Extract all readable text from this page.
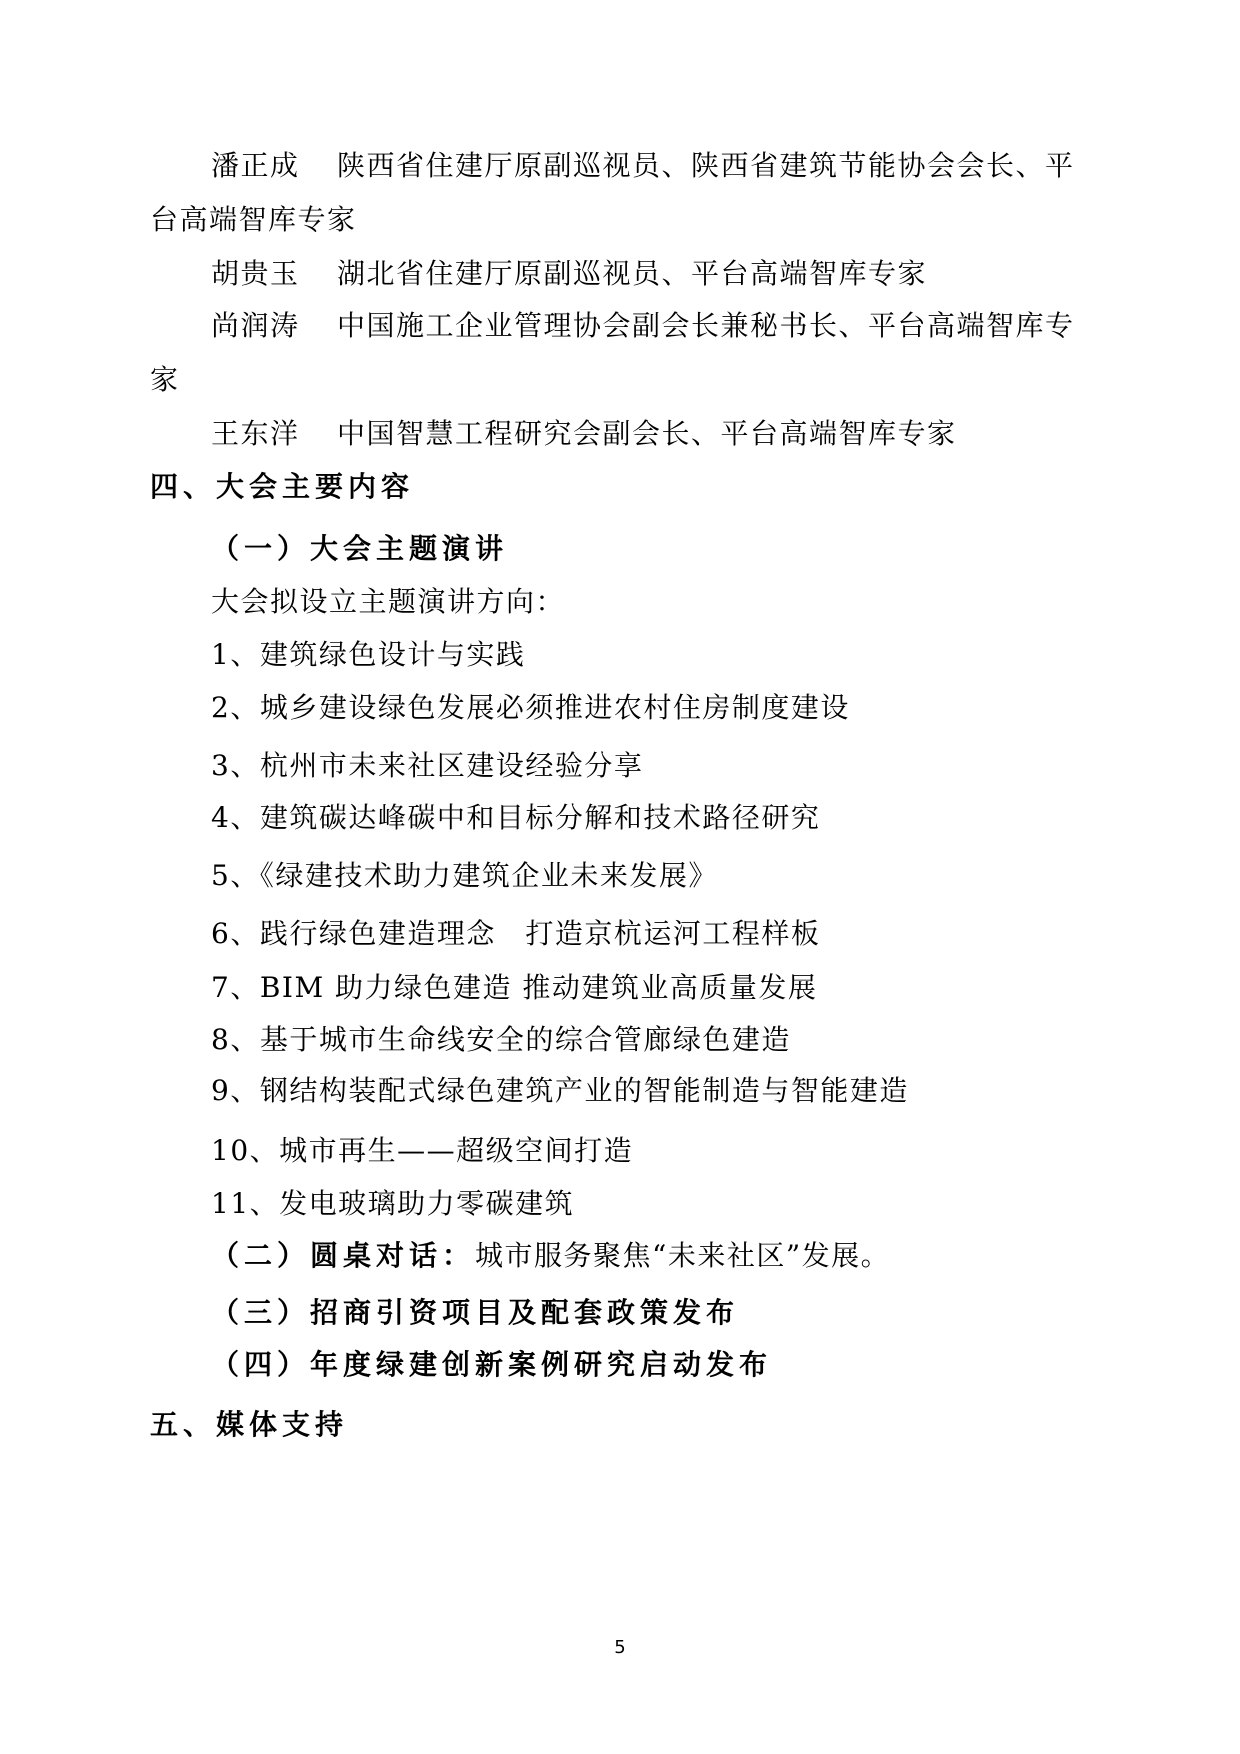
潘正成 陕西省住建厅原副巡视员、陕西省建筑节能协会会长、平
台高端智库专家
胡贵玉 湖北省住建厅原副巡视员、平台高端智库专家
尚润涛 中国施工企业管理协会副会长兼秘书长、平台高端智库专
家
王东洋 中国智慧工程研究会副会长、平台高端智库专家
四、大会主要内容
（一）大会主题演讲
大会拟设立主题演讲方向：
1、建筑绿色设计与实践
2、城乡建设绿色发展必须推进农村住房制度建设
3、杭州市未来社区建设经验分享
4、建筑碳达峰碳中和目标分解和技术路径研究
5、《绿建技术助力建筑企业未来发展》
6、践行绿色建造理念　打造京杭运河工程样板
7、BIM 助力绿色建造 推动建筑业高质量发展
8、基于城市生命线安全的综合管廊绿色建造
9、钢结构装配式绿色建筑产业的智能制造与智能建造
10、城市再生——超级空间打造
11、发电玻璃助力零碳建筑
（二）圆桌对话：城市服务聚焦“未来社区”发展。
（三）招商引资项目及配套政策发布
（四）年度绿建创新案例研究启动发布
五、媒体支持
5
